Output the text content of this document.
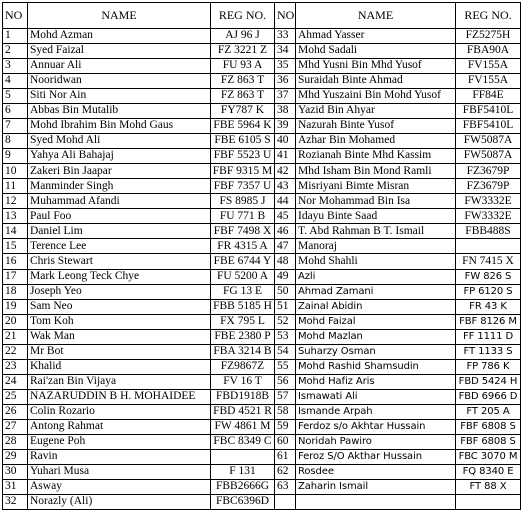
NO	NAME	REG NO.	NO	NAME	REG NO.
1	Mohd Azman	AJ 96 J	33	Ahmad Yasser	FZ5275H
2	Syed Faizal	FZ 3221 Z	34	Mohd Sadali	FBA90A
3	Annuar Ali	FU 93 A	35	Mhd Yusni Bin Mhd Yusof	FV155A
4	Nooridwan	FZ 863 T	36	Suraidah Binte Ahmad	FV155A
5	Siti Nor Ain	FZ 863 T	37	Mhd Yuszaini Bin Mohd Yusof	FF84E
6	Abbas Bin Mutalib	FY787 K	38	Yazid Bin Ahyar	FBF5410L
7	Mohd Ibrahim Bin Mohd Gaus	FBE 5964 K	39	Nazurah Binte Yusof	FBF5410L
8	Syed Mohd Ali	FBE 6105 S	40	Azhar Bin Mohamed	FW5087A
9	Yahya Ali Bahajaj	FBF 5523 U	41	Rozianah Binte Mhd Kassim	FW5087A
10	Zakeri Bin Jaapar	FBF 9315 M	42	Mhd Isham Bin Mond Ramli	FZ3679P
11	Manminder Singh	FBF 7357 U	43	Misriyani Bimte Misran	FZ3679P
12	Muhammad Afandi	FS 8985 J	44	Nor Mohammad Bin Isa	FW3332E
13	Paul Foo	FU 771 B	45	Idayu Binte Saad	FW3332E
14	Daniel Lim	FBF 7498 X	46	T. Abd Rahman B T. Ismail	FBB488S
15	Terence Lee	FR 4315 A	47	Manoraj	
16	Chris Stewart	FBE 6744 Y	48	Mohd Shahli	FN 7415 X
17	Mark Leong Teck Chye	FU 5200 A	49	Azli	FW 826 S
18	Joseph Yeo	FG 13 E	50	Ahmad Zamani	FP 6120 S
19	Sam Neo	FBB 5185 H	51	Zainal Abidin	FR 43 K
20	Tom Koh	FX 795 L	52	Mohd Faizal	FBF 8126 M
21	Wak Man	FBE 2380 P	53	Mohd Mazlan	FF 1111 D
22	Mr Bot	FBA 3214 B	54	Suharzy Osman	FT 1133 S
23	Khalid	FZ9867Z	55	Mohd Rashid Shamsudin	FP 786 K
24	Rai'zan Bin Vijaya	FV 16 T	56	Mohd Hafiz Aris	FBD 5424 H
25	NAZARUDDIN B H. MOHAIDEE	FBD1918B	57	Ismawati Ali	FBD 6966 D
26	Colin Rozario	FBD 4521 R	58	Ismande Arpah	FT 205 A
27	Antong Rahmat	FW 4861 M	59	Ferdoz s/o Akhtar Hussain	FBF 6808 S
28	Eugene Poh	FBC 8349 C	60	Noridah Pawiro	FBF 6808 S
29	Ravin		61	Feroz S/O Akthar Hussain	FBC 3070 M
30	Yuhari Musa	F 131	62	Rosdee	FQ 8340 E
31	Asway	FBB2666G	63	Zaharin Ismail	FT 88 X
32	Norazly (Ali)	FBC6396D			
